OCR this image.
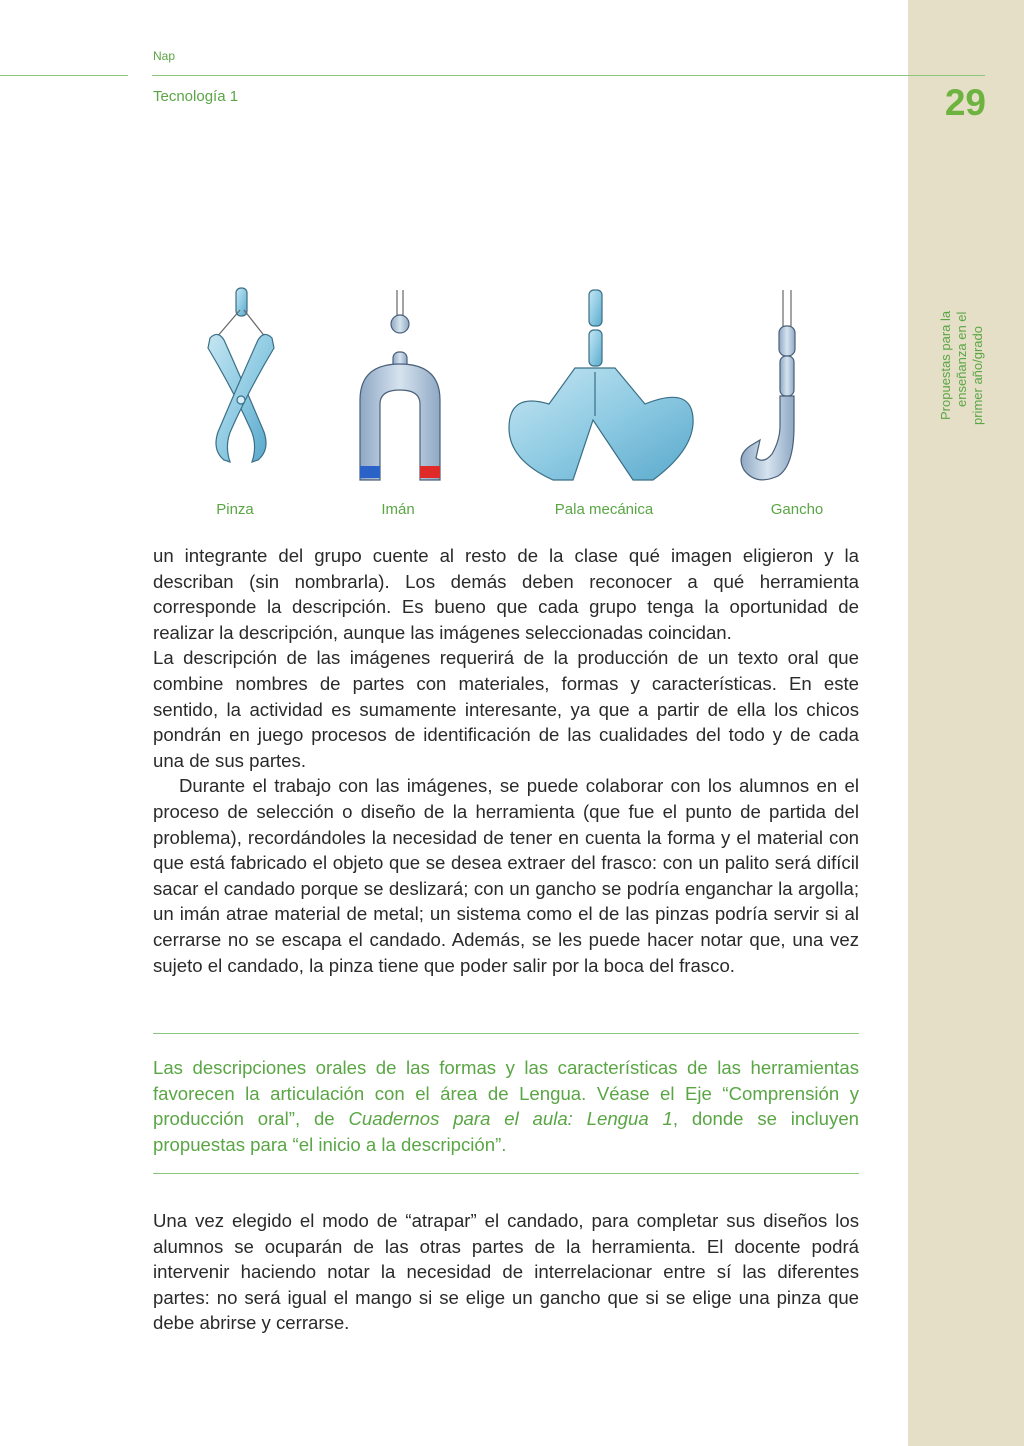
Propuestas para la enseñanza en el primer año/grado
Nap
Tecnología 1	29
Pinza	Imán	Pala mecánica	Gancho

un integrante del grupo cuente al resto de la clase qué imagen eligieron y la describan (sin nombrarla). Los demás deben reconocer a qué herramienta corresponde la descripción. Es bueno que cada grupo tenga la oportunidad de realizar la descripción, aunque las imágenes seleccionadas coincidan.

La descripción de las imágenes requerirá de la producción de un texto oral que combine nombres de partes con materiales, formas y características. En este sentido, la actividad es sumamente interesante, ya que a partir de ella los chicos pondrán en juego procesos de identificación de las cualidades del todo y de cada una de sus partes.

Durante el trabajo con las imágenes, se puede colaborar con los alumnos en el proceso de selección o diseño de la herramienta (que fue el punto de partida del problema), recordándoles la necesidad de tener en cuenta la forma y el material con que está fabricado el objeto que se desea extraer del frasco: con un palito será difícil sacar el candado porque se deslizará; con un gancho se podría enganchar la argolla; un imán atrae material de metal; un sistema como el de las pinzas podría servir si al cerrarse no se escapa el candado. Además, se les puede hacer notar que, una vez sujeto el candado, la pinza tiene que poder salir por la boca del frasco.

Las descripciones orales de las formas y las características de las herramientas favorecen la articulación con el área de Lengua. Véase el Eje “Comprensión y producción oral”, de Cuadernos para el aula: Lengua 1, donde se incluyen propuestas para “el inicio a la descripción”.

Una vez elegido el modo de “atrapar” el candado, para completar sus diseños los alumnos se ocuparán de las otras partes de la herramienta. El docente podrá intervenir haciendo notar la necesidad de interrelacionar entre sí las diferentes partes: no será igual el mango si se elige un gancho que si se elige una pinza que debe abrirse y cerrarse.
